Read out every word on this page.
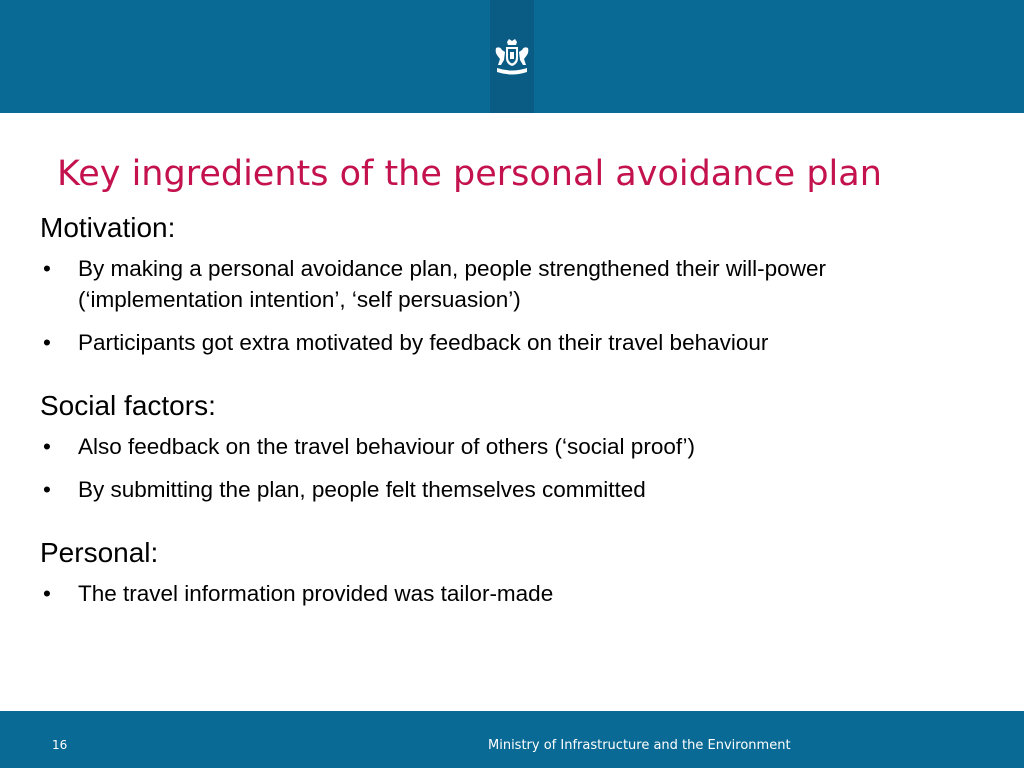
Key ingredients of the personal avoidance plan

Motivation:

• By making a personal avoidance plan, people strengthened their will-power (‘implementation intention’, ‘self persuasion’)
• Participants got extra motivated by feedback on their travel behaviour

Social factors:

• Also feedback on the travel behaviour of others (‘social proof’)
• By submitting the plan, people felt themselves committed

Personal:

• The travel information provided was tailor-made
16	Ministry of Infrastructure and the Environment
